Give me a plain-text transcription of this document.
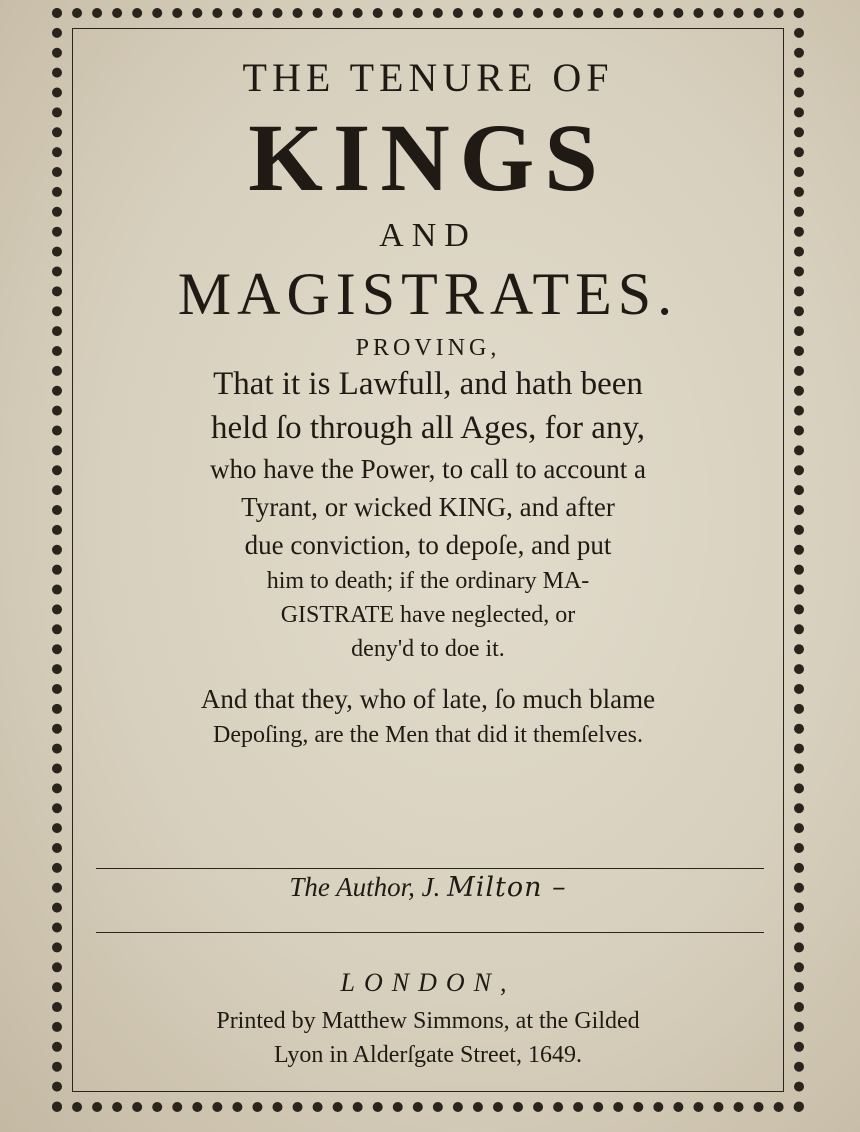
THE TENURE OF
KINGS
AND
MAGISTRATES.
PROVING,
That it is Lawfull, and hath been
held ſo through all Ages, for any,
who have the Power, to call to account a
Tyrant, or wicked KING, and after
due conviction, to depoſe, and put
him to death; if the ordinary MA-
GISTRATE have neglected, or
deny'd to doe it.
And that they, who of late, ſo much blame
Depoſing, are the Men that did it themſelves.
The Author, J. Milton –
LONDON,
Printed by Matthew Simmons, at the Gilded
Lyon in Alderſgate Street, 1649.
